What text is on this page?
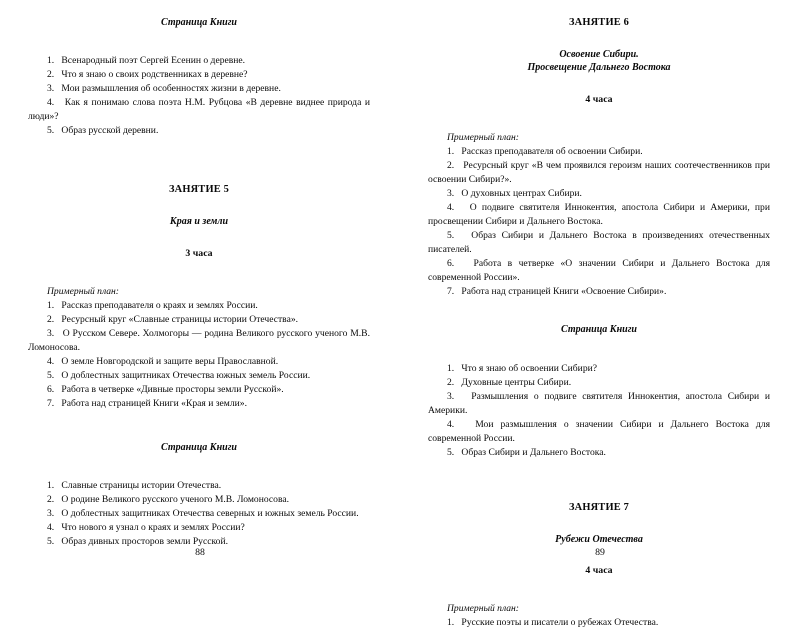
Страница Книги
1.   Всенародный поэт Сергей Есенин о деревне.
2.   Что я знаю о своих родственниках в деревне?
3.   Мои размышления об особенностях жизни в деревне.
4.   Как я понимаю слова поэта Н.М. Рубцова «В деревне виднее природа и люди»?
5.   Образ русской деревни.
ЗАНЯТИЕ 5
Края и земли
3 часа
Примерный план:
1.   Рассказ преподавателя о краях и землях России.
2.   Ресурсный круг «Славные страницы истории Отечества».
3.   О Русском Севере. Холмогоры — родина Великого русского ученого М.В. Ломоносова.
4.   О земле Новгородской и защите веры Православной.
5.   О доблестных защитниках Отечества южных земель России.
6.   Работа в четверке «Дивные просторы земли Русской».
7.   Работа над страницей Книги «Края и земли».
Страница Книги
1.   Славные страницы истории Отечества.
2.   О родине Великого русского ученого М.В. Ломоносова.
3.   О доблестных защитниках Отечества северных и южных земель России.
4.   Что нового я узнал о краях и землях России?
5.   Образ дивных просторов земли Русской.
88
ЗАНЯТИЕ 6
Освоение Сибири.
Просвещение Дальнего Востока
4 часа
Примерный план:
1.   Рассказ преподавателя об освоении Сибири.
2.   Ресурсный круг «В чем проявился героизм наших соотечественников при освоении Сибири?».
3.   О духовных центрах Сибири.
4.   О подвиге святителя Иннокентия, апостола Сибири и Америки, при просвещении Сибири и Дальнего Востока.
5.   Образ Сибири и Дальнего Востока в произведениях отечественных писателей.
6.   Работа в четверке «О значении Сибири и Дальнего Востока для современной России».
7.   Работа над страницей Книги «Освоение Сибири».
Страница Книги
1.   Что я знаю об освоении Сибири?
2.   Духовные центры Сибири.
3.   Размышления о подвиге святителя Иннокентия, апостола Сибири и Америки.
4.   Мои размышления о значении Сибири и Дальнего Востока для современной России.
5.   Образ Сибири и Дальнего Востока.
ЗАНЯТИЕ 7
Рубежи Отечества
4 часа
Примерный план:
1.   Русские поэты и писатели о рубежах Отечества.
89
